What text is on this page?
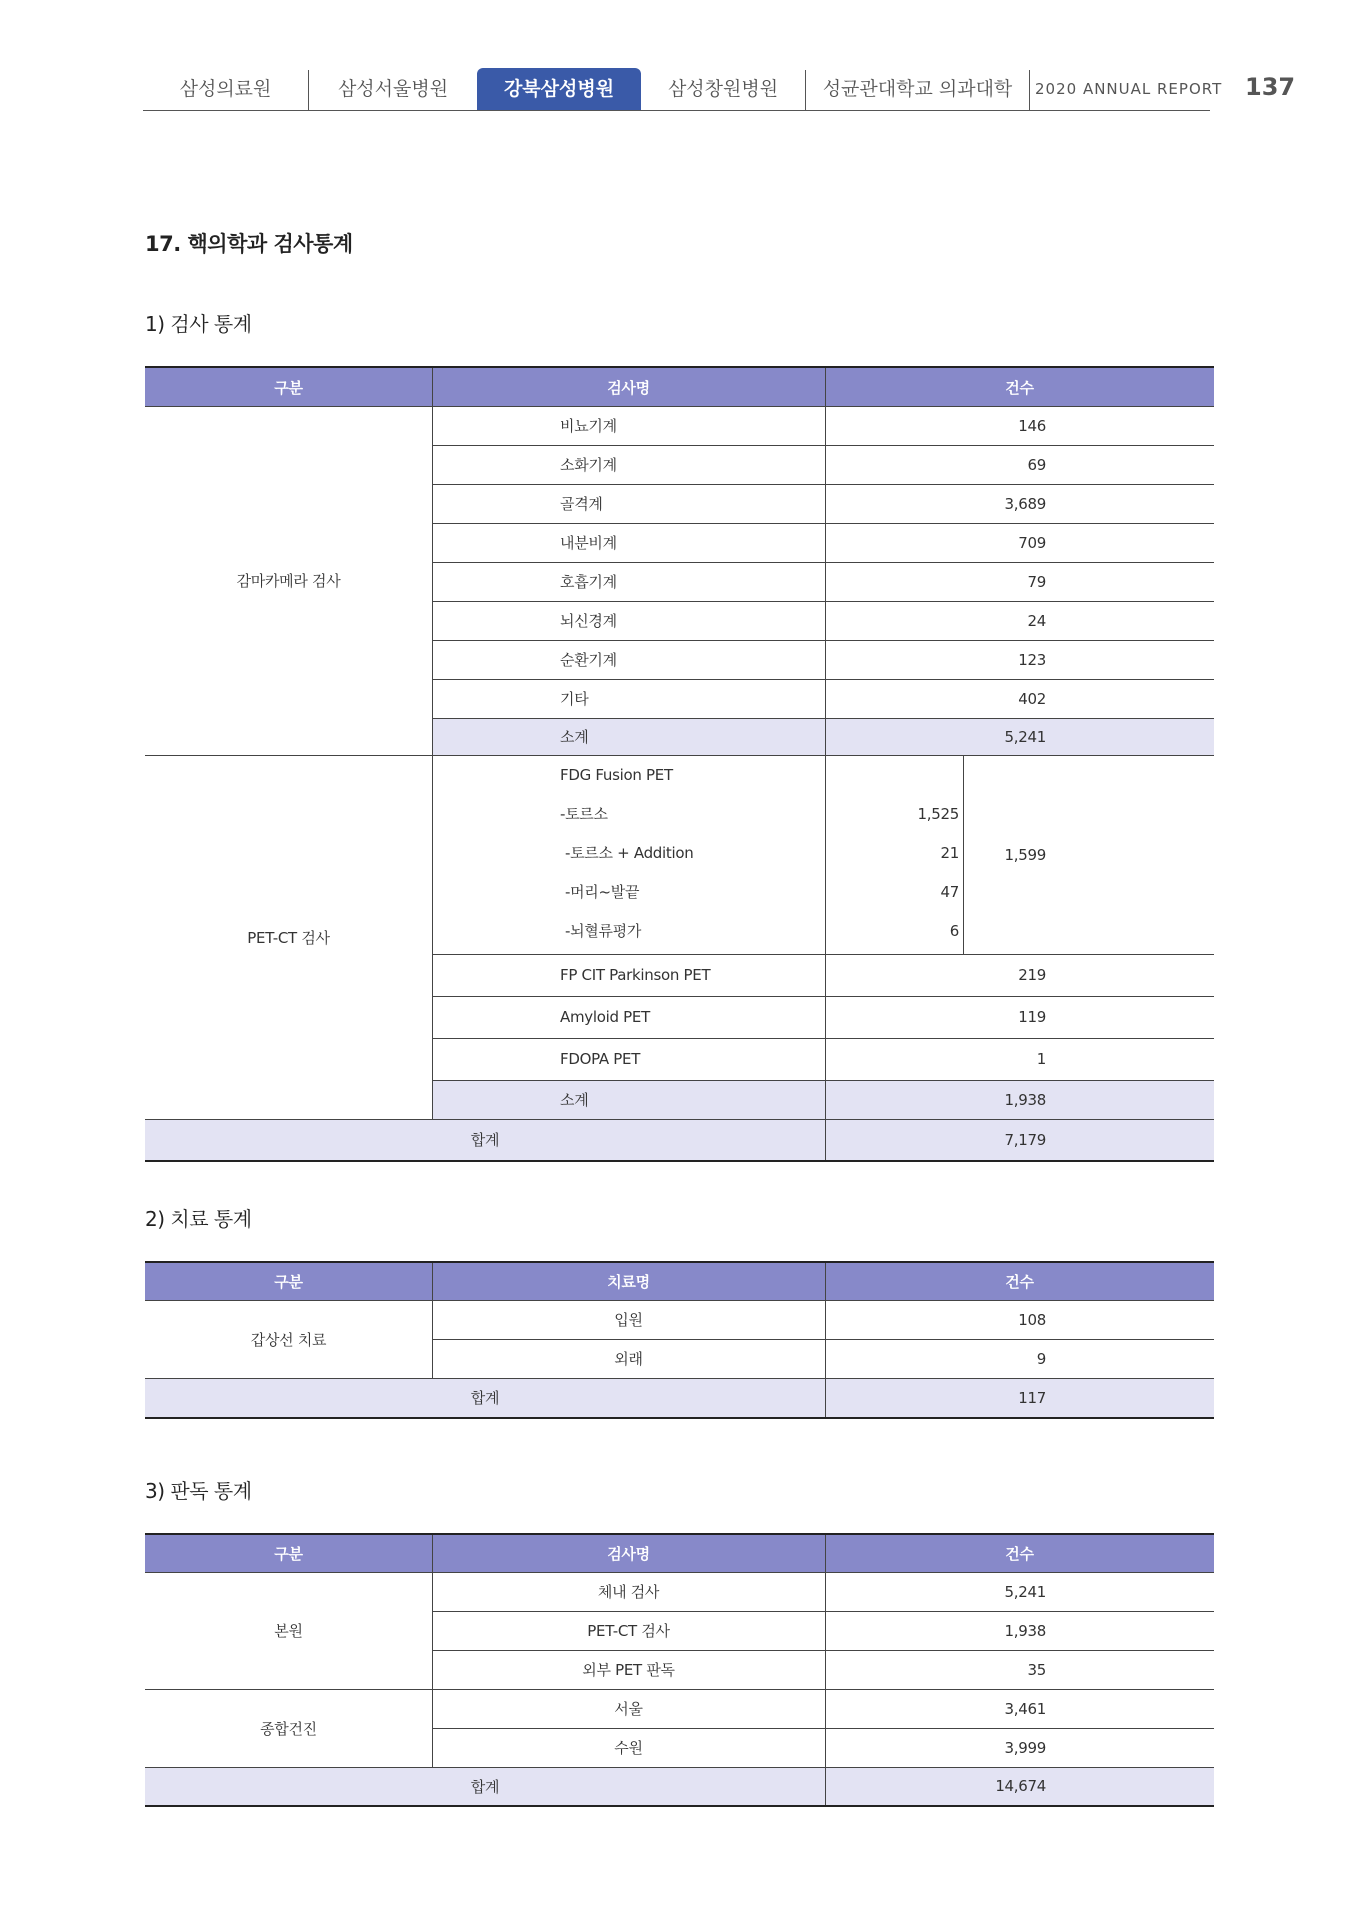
삼성의료원	삼성서울병원	강북삼성병원	삼성창원병원	성균관대학교 의과대학	2020 ANNUAL REPORT 137
17. 핵의학과 검사통계
1) 검사 통계
구분	검사명	건수
감마카메라 검사
비뇨기계	146
소화기계	69
골격계	3,689
내분비계	709
호흡기계	79
뇌신경계	24
순환기계	123
기타	402
소계	5,241
PET-CT 검사
FDG Fusion PET
-토르소	1,525
-토르소 + Addition	21
-머리~발끝	47
-뇌혈류평가	6
1,599
FP CIT Parkinson PET	219
Amyloid PET	119
FDOPA PET	1
소계	1,938
합계	7,179
2) 치료 통계
구분	치료명	건수
갑상선 치료
입원	108
외래	9
합계	117
3) 판독 통계
구분	검사명	건수
본원
체내 검사	5,241
PET-CT 검사	1,938
외부 PET 판독	35
종합건진
서울	3,461
수원	3,999
합계	14,674
